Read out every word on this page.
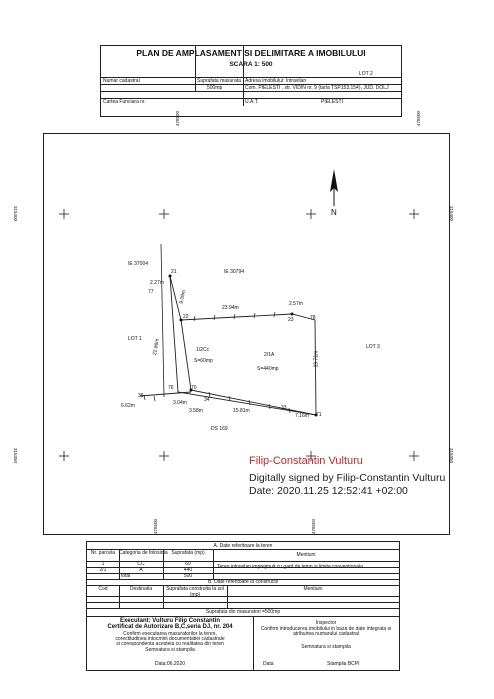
PLAN DE AMPLASAMENT SI DELIMITARE A IMOBILULUI
SCARA 1: 500
LOT 2
Numar cadastral	Suprafata masurata Adresa imobilului: Intravilan
500mp	Com. PIELESTI , str. VIDIN nr. 9 (tarla TSP153,154), JUD. DOLJ
Cartea Funciara nr.	U.A.T.	PIELESTI
478500	478500
315400	315400
315350	315350
478500	478550
N
IE 37004
IE 30794
LOT 1
LOT 3
DS 169
1/2Cc
S=60mp
2/1A
S=440mp
21
77
22	23	78
76	70
34
35
33
71
2.27m
9.09m
23.94m
2.57m
22.86m
19.71m
6.62m	3.04m
3.58m	15.81m
7.16m
Filip-Constantin Vulturu
Digitally signed by Filip-Constantin Vulturu
Date: 2020.11.25 12:52:41 +02:00
A. Date referitoare la teren
Nr. parcela Categoria de folosinta Suprafata (mp)	Mentiuni
1	CC	60
2/1	A	440	Teren intravilan imprejmuit cu gard de lemn si limita conventionala
Total	500
B. Date referitoare la constructii
Cod	Destinatia	Suprafata construita la sol (mp)
Mentiuni
Suprafata din masuratori =500mp
Executant: Vulturu Filip Constantin
Certificat de Autorizare B,C,seria DJ, nr. 204
Confirm executarea masuratorilor la teren,
corectitudinea intocmirii documentatiei cadastrale
si corespondenta acesteia cu realitatea din teren
Semnatura si stampila
Data:06.2020
Inspector
Confirm introducerea imobilului in baza de date integrata si
atribuirea numarului cadastral
Semnatura si stampila
Data	Stampila BCPI
